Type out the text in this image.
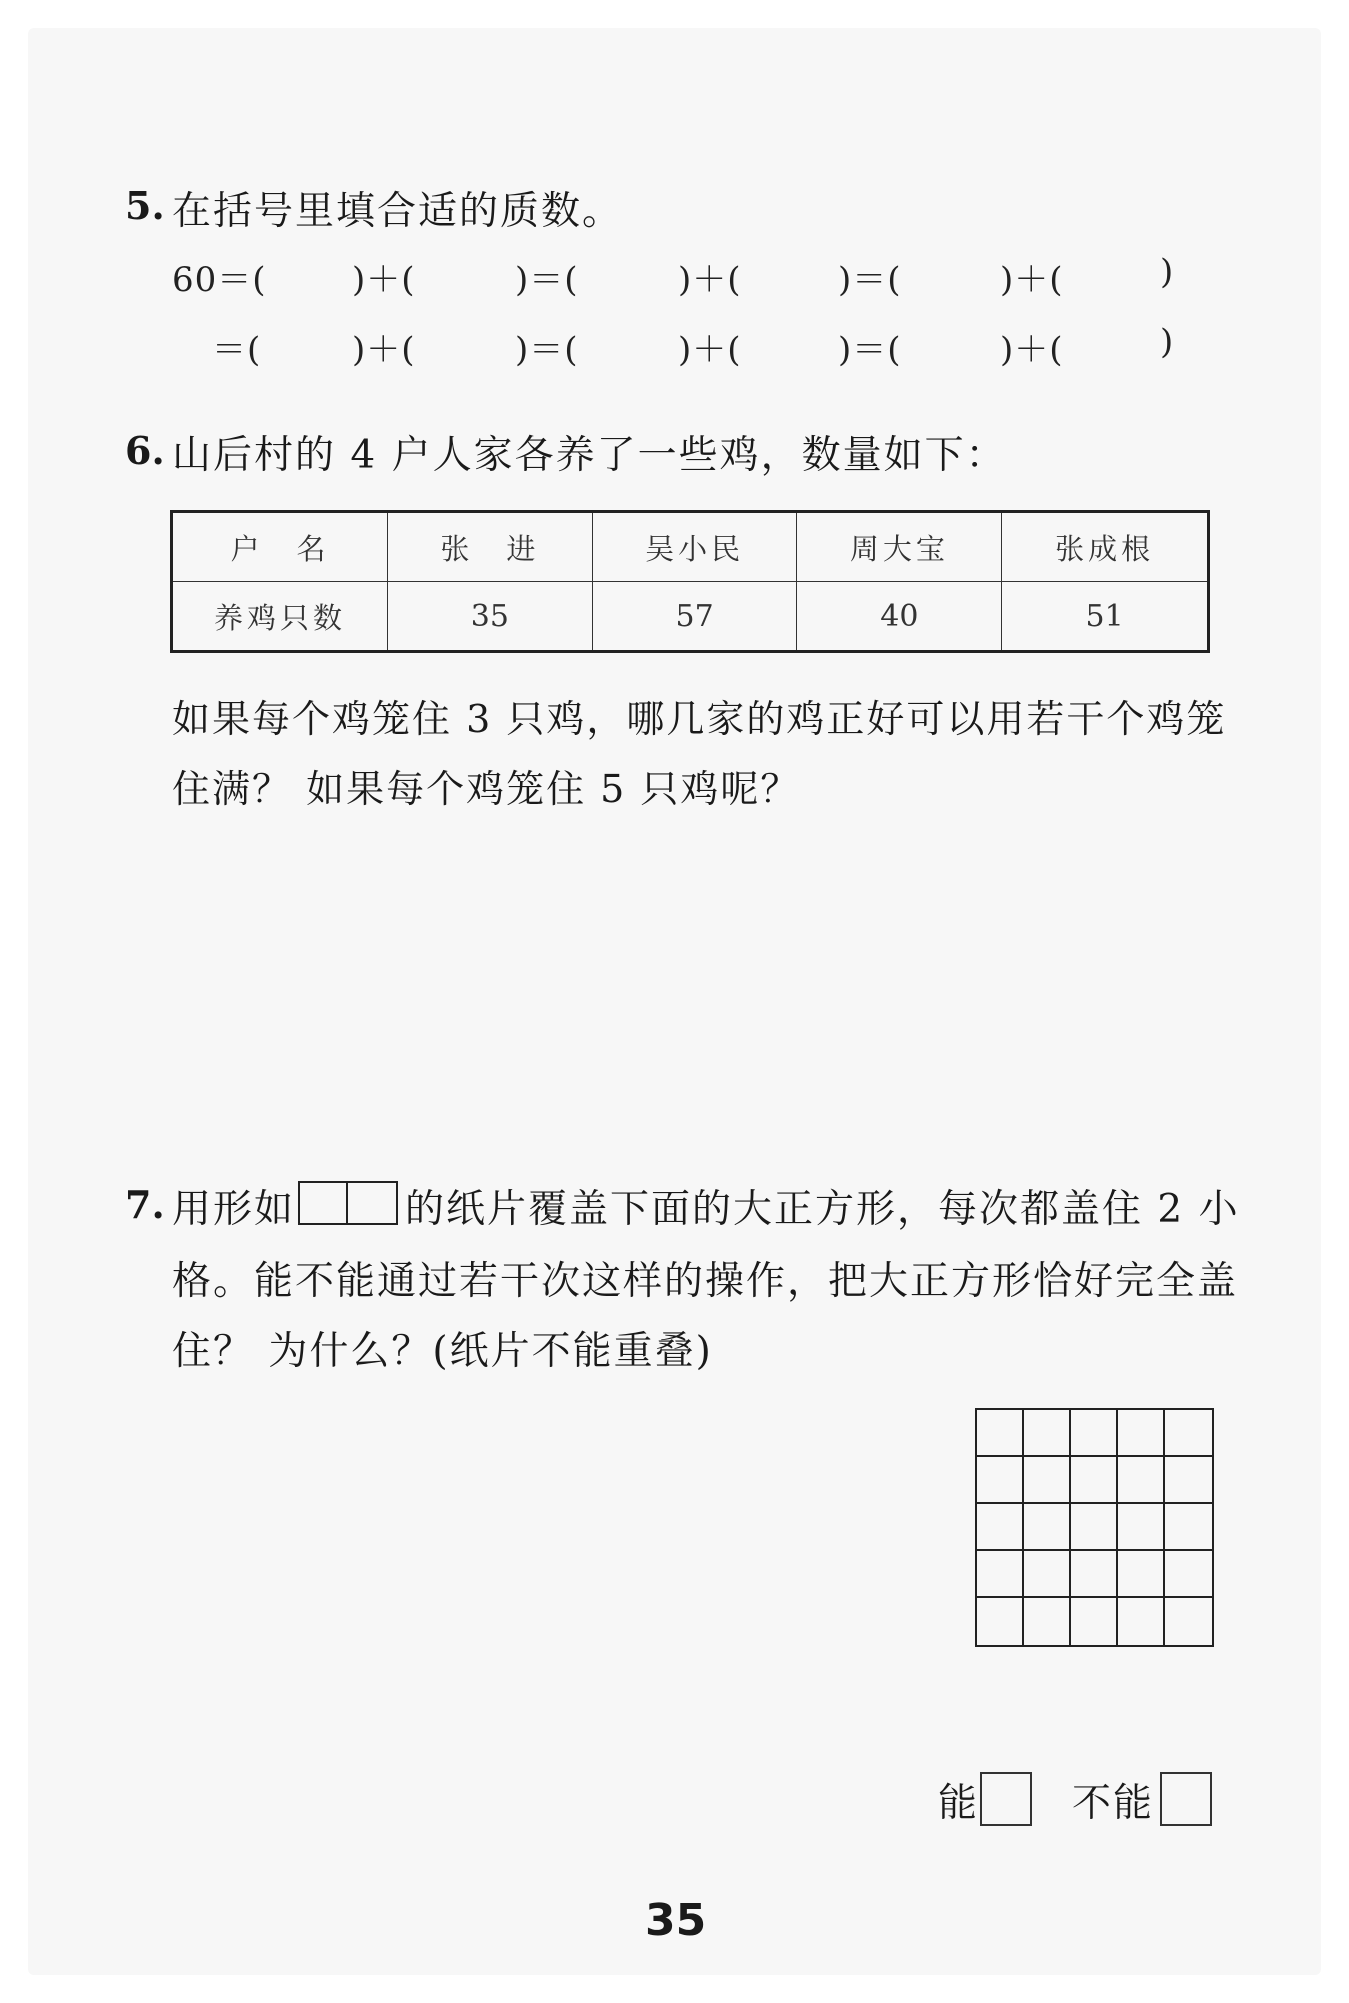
5. 在括号里填合适的质数。
60＝(	)＋(	)＝(	)＋(	)＝(	)＋(	)
＝(	)＋(	)＝(	)＋(	)＝(	)＋(	)
6. 山后村的 4 户人家各养了一些鸡，数量如下：
户　名	张　进	吴小民	周大宝	张成根
养鸡只数	35	57	40	51
如果每个鸡笼住 3 只鸡，哪几家的鸡正好可以用若干个鸡笼
住满？ 如果每个鸡笼住 5 只鸡呢？
7. 用形如	的纸片覆盖下面的大正方形，每次都盖住 2 小
格。能不能通过若干次这样的操作，把大正方形恰好完全盖
住？ 为什么？(纸片不能重叠)
能 不能
35
